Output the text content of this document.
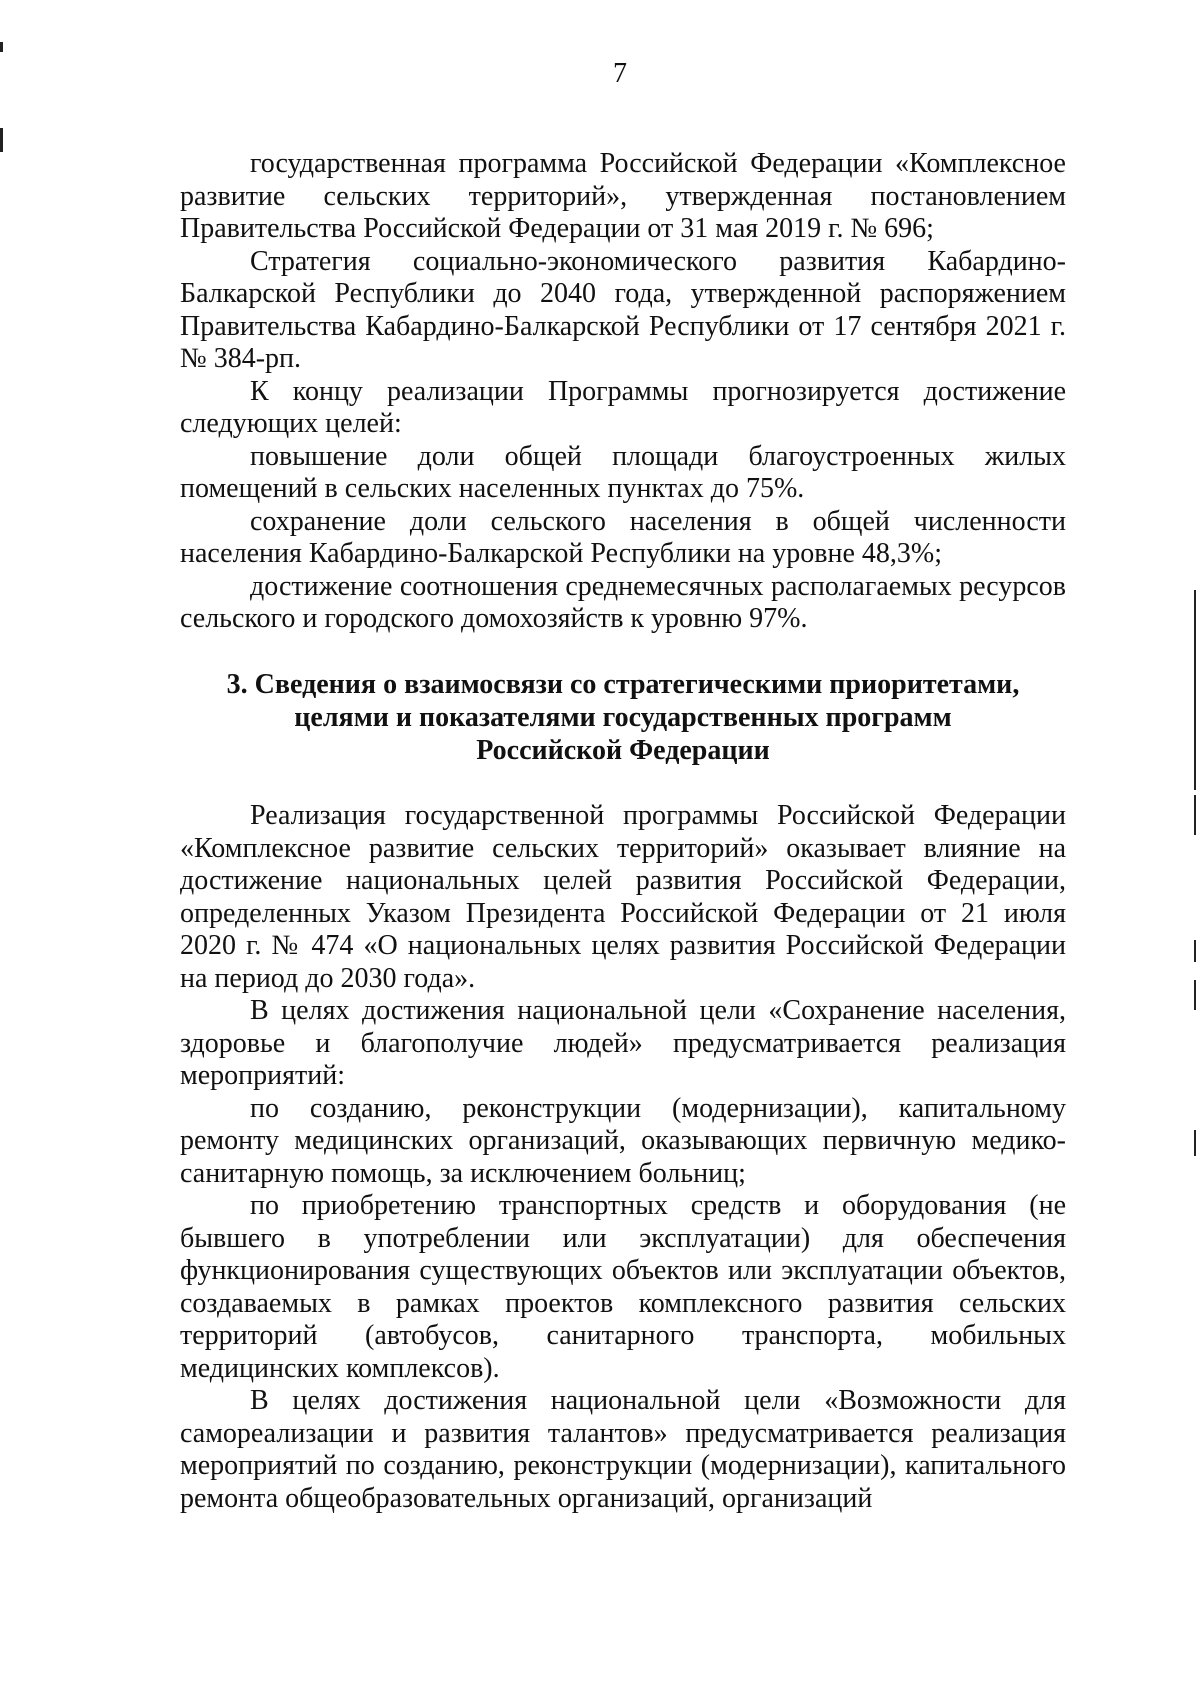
7

государственная программа Российской Федерации «Комплексное развитие сельских территорий», утвержденная постановлением Правительства Российской Федерации от 31 мая 2019 г. № 696;

Стратегия социально-экономического развития Кабардино-Балкарской Республики до 2040 года, утвержденной распоряжением Правительства Кабардино-Балкарской Республики от 17 сентября 2021 г. № 384-рп.

К концу реализации Программы прогнозируется достижение следующих целей:

повышение доли общей площади благоустроенных жилых помещений в сельских населенных пунктах до 75%.

сохранение доли сельского населения в общей численности населения Кабардино-Балкарской Республики на уровне 48,3%;

достижение соотношения среднемесячных располагаемых ресурсов сельского и городского домохозяйств к уровню 97%.

3. Сведения о взаимосвязи со стратегическими приоритетами,
целями и показателями государственных программ
Российской Федерации

Реализация государственной программы Российской Федерации «Комплексное развитие сельских территорий» оказывает влияние на достижение национальных целей развития Российской Федерации, определенных Указом Президента Российской Федерации от 21 июля 2020 г. № 474 «О национальных целях развития Российской Федерации на период до 2030 года».

В целях достижения национальной цели «Сохранение населения, здоровье и благополучие людей» предусматривается реализация мероприятий:

по созданию, реконструкции (модернизации), капитальному ремонту медицинских организаций, оказывающих первичную медико-санитарную помощь, за исключением больниц;

по приобретению транспортных средств и оборудования (не бывшего в употреблении или эксплуатации) для обеспечения функционирования существующих объектов или эксплуатации объектов, создаваемых в рамках проектов комплексного развития сельских территорий (автобусов, санитарного транспорта, мобильных медицинских комплексов).

В целях достижения национальной цели «Возможности для самореализации и развития талантов» предусматривается реализация мероприятий по созданию, реконструкции (модернизации), капитального ремонта общеобразовательных организаций, организаций
